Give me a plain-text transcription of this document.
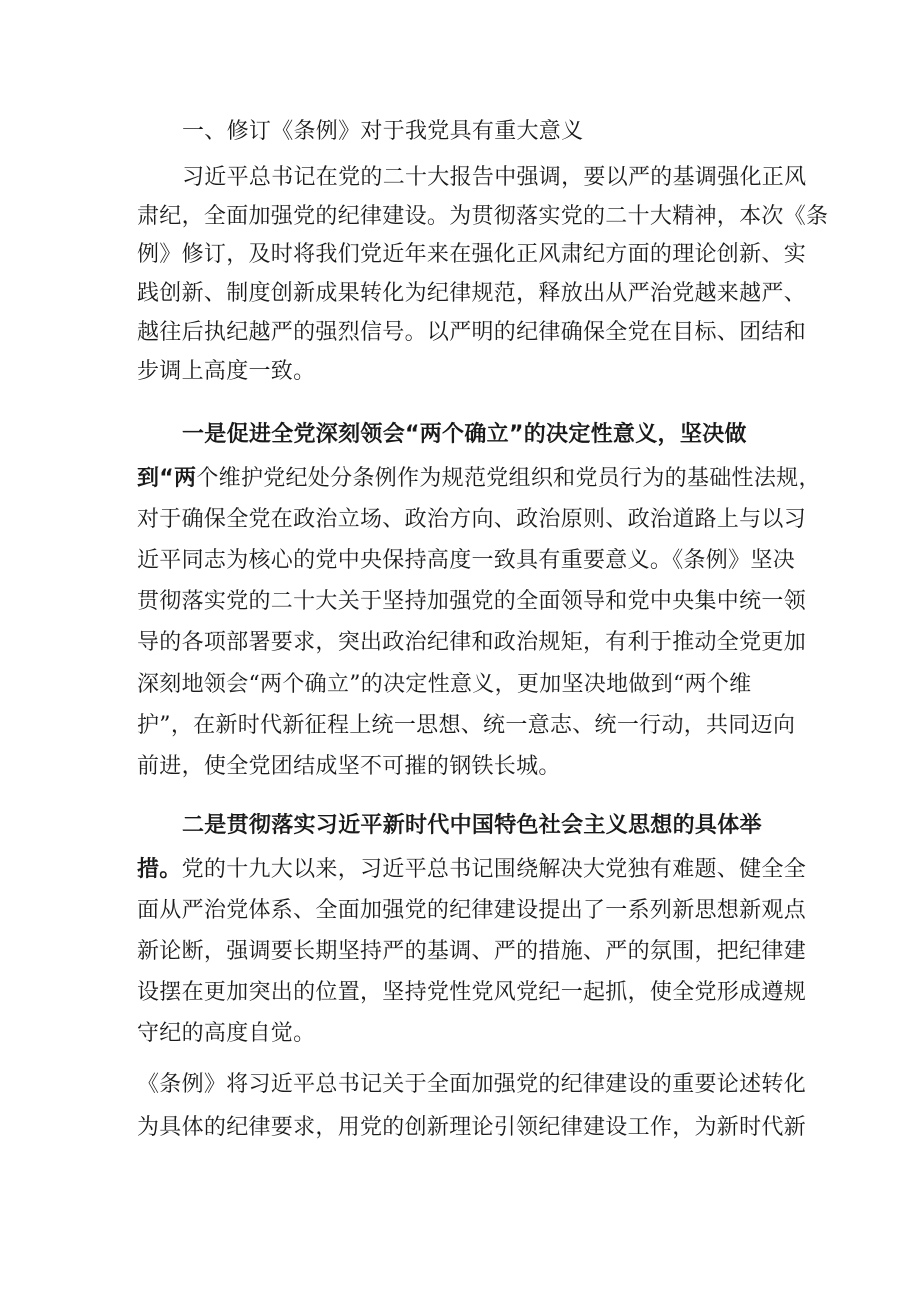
一、修订《条例》对于我党具有重大意义
习近平总书记在党的二十大报告中强调，要以严的基调强化正风
肃纪，全面加强党的纪律建设。为贯彻落实党的二十大精神，本次《条
例》修订，及时将我们党近年来在强化正风肃纪方面的理论创新、实
践创新、制度创新成果转化为纪律规范，释放出从严治党越来越严、
越往后执纪越严的强烈信号。以严明的纪律确保全党在目标、团结和
步调上高度一致。
一是促进全党深刻领会“两个确立”的决定性意义，坚决做
到“两个维护党纪处分条例作为规范党组织和党员行为的基础性法规，
对于确保全党在政治立场、政治方向、政治原则、政治道路上与以习
近平同志为核心的党中央保持高度一致具有重要意义。《条例》坚决
贯彻落实党的二十大关于坚持加强党的全面领导和党中央集中统一领
导的各项部署要求，突出政治纪律和政治规矩，有利于推动全党更加
深刻地领会“两个确立”的决定性意义，更加坚决地做到“两个维
护”，在新时代新征程上统一思想、统一意志、统一行动，共同迈向
前进，使全党团结成坚不可摧的钢铁长城。
二是贯彻落实习近平新时代中国特色社会主义思想的具体举
措。党的十九大以来，习近平总书记围绕解决大党独有难题、健全全
面从严治党体系、全面加强党的纪律建设提出了一系列新思想新观点
新论断，强调要长期坚持严的基调、严的措施、严的氛围，把纪律建
设摆在更加突出的位置，坚持党性党风党纪一起抓，使全党形成遵规
守纪的高度自觉。
《条例》将习近平总书记关于全面加强党的纪律建设的重要论述转化
为具体的纪律要求，用党的创新理论引领纪律建设工作，为新时代新
